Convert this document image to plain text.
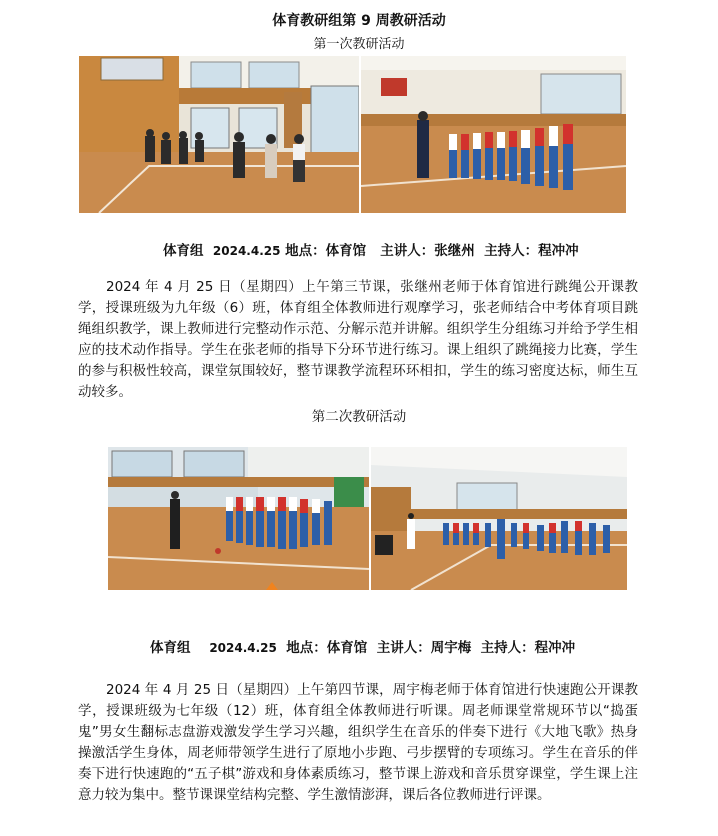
体育教研组第 9 周教研活动
第一次教研活动
体育组 2024.4.25 地点：体育馆   主讲人：张继州  主持人：程冲冲
2024 年 4 月 25 日（星期四）上午第三节课，张继州老师于体育馆进行跳绳公开课教学，授课班级为九年级（6）班，体育组全体教师进行观摩学习，张老师结合中考体育项目跳绳组织教学，课上教师进行完整动作示范、分解示范并讲解。组织学生分组练习并给予学生相应的技术动作指导。学生在张老师的指导下分环节进行练习。课上组织了跳绳接力比赛，学生的参与积极性较高，课堂氛围较好，整节课教学流程环环相扣，学生的练习密度达标，师生互动较多。
第二次教研活动
体育组 2024.4.25  地点：体育馆  主讲人：周宇梅  主持人：程冲冲
2024 年 4 月 25 日（星期四）上午第四节课，周宇梅老师于体育馆进行快速跑公开课教学，授课班级为七年级（12）班，体育组全体教师进行听课。周老师课堂常规环节以“捣蛋鬼”男女生翻标志盘游戏激发学生学习兴趣，组织学生在音乐的伴奏下进行《大地飞歌》热身操激活学生身体，周老师带领学生进行了原地小步跑、弓步摆臂的专项练习。学生在音乐的伴奏下进行快速跑的“五子棋”游戏和身体素质练习，整节课上游戏和音乐贯穿课堂，学生课上注意力较为集中。整节课课堂结构完整、学生激情澎湃，课后各位教师进行评课。
